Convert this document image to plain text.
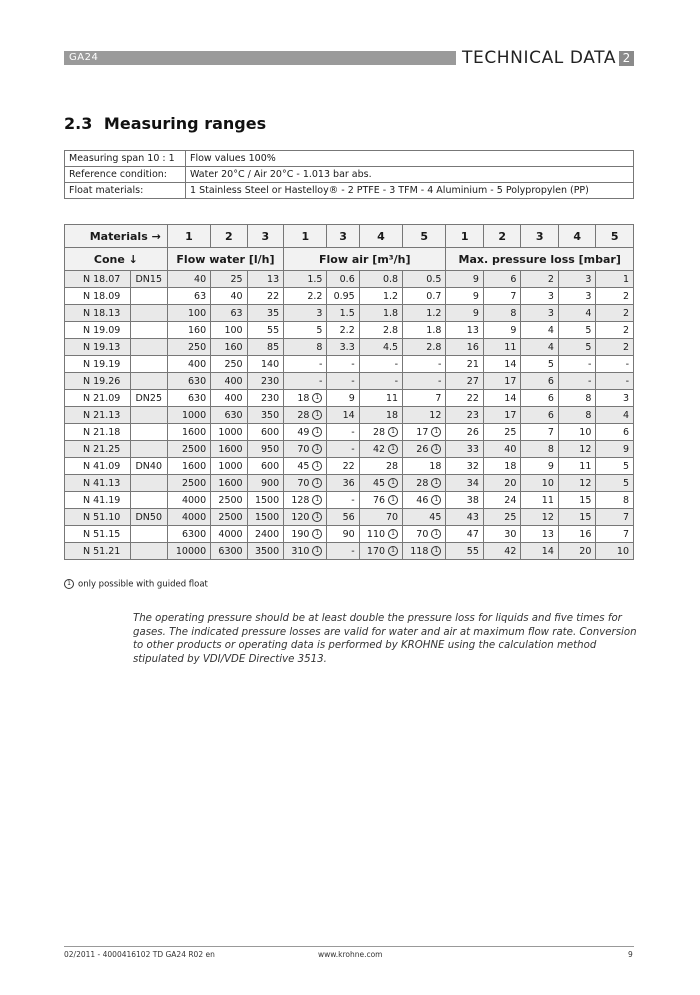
GA24	TECHNICAL DATA 2
2.3 Measuring ranges
Measuring span 10 : 1	Flow values 100%
Reference condition:	Water 20°C / Air 20°C - 1.013 bar abs.
Float materials:	1 Stainless Steel or Hastelloy® - 2 PTFE - 3 TFM - 4 Aluminium - 5 Polypropylen (PP)
Materials →		1	2	3	1	3	4	5	1	2	3	4	5
Cone ↓		Flow water [l/h]			Flow air [m³/h]				Max. pressure loss [mbar]				
N 18.07	DN15	40	25	13	1.5	0.6	0.8	0.5	9	6	2	3	1
N 18.09		63	40	22	2.2	0.95	1.2	0.7	9	7	3	3	2
N 18.13		100	63	35	3	1.5	1.8	1.2	9	8	3	4	2
N 19.09		160	100	55	5	2.2	2.8	1.8	13	9	4	5	2
N 19.13		250	160	85	8	3.3	4.5	2.8	16	11	4	5	2
N 19.19		400	250	140	-	-	-	-	21	14	5	-	-
N 19.26		630	400	230	-	-	-	-	27	17	6	-	-
N 21.09	DN25	630	400	230	18 1	9	11	7	22	14	6	8	3
N 21.13		1000	630	350	28 1	14	18	12	23	17	6	8	4
N 21.18		1600	1000	600	49 1	-	28 1	17 1	26	25	7	10	6
N 21.25		2500	1600	950	70 1	-	42 1	26 1	33	40	8	12	9
N 41.09	DN40	1600	1000	600	45 1	22	28	18	32	18	9	11	5
N 41.13		2500	1600	900	70 1	36	45 1	28 1	34	20	10	12	5
N 41.19		4000	2500	1500	128 1	-	76 1	46 1	38	24	11	15	8
N 51.10	DN50	4000	2500	1500	120 1	56	70	45	43	25	12	15	7
N 51.15		6300	4000	2400	190 1	90	110 1	70 1	47	30	13	16	7
N 51.21		10000	6300	3500	310 1	-	170 1	118 1	55	42	14	20	10
1 only possible with guided float
The operating pressure should be at least double the pressure loss for liquids and five times for gases. The indicated pressure losses are valid for water and air at maximum flow rate. Conversion to other products or operating data is performed by KROHNE using the calculation method stipulated by VDI/VDE Directive 3513.
02/2011 - 4000416102 TD GA24 R02 en	www.krohne.com	9
